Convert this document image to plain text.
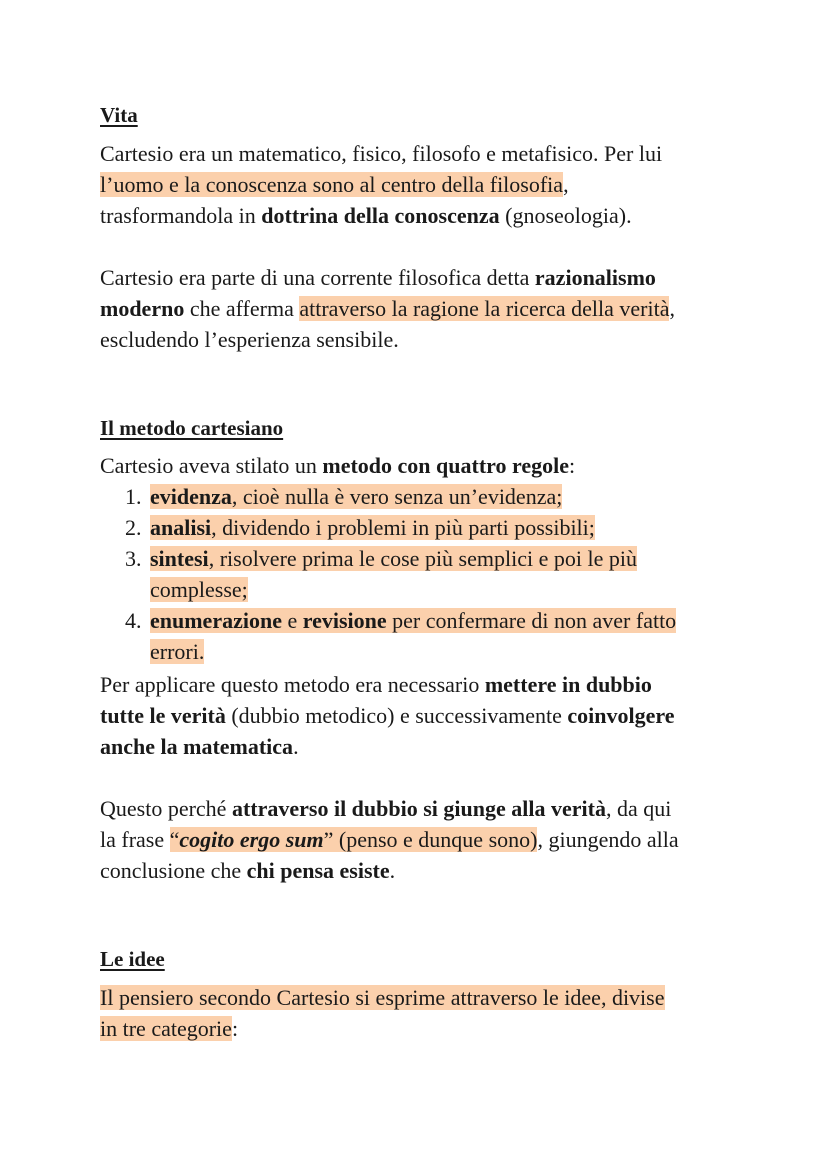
Vita
Cartesio era un matematico, fisico, filosofo e metafisico. Per lui
l’uomo e la conoscenza sono al centro della filosofia,
trasformandola in dottrina della conoscenza (gnoseologia).
Cartesio era parte di una corrente filosofica detta razionalismo
moderno che afferma attraverso la ragione la ricerca della verità,
escludendo l’esperienza sensibile.
Il metodo cartesiano
Cartesio aveva stilato un metodo con quattro regole:
1. evidenza, cioè nulla è vero senza un’evidenza;
2. analisi, dividendo i problemi in più parti possibili;
3. sintesi, risolvere prima le cose più semplici e poi le più
complesse;
4. enumerazione e revisione per confermare di non aver fatto
errori.
Per applicare questo metodo era necessario mettere in dubbio
tutte le verità (dubbio metodico) e successivamente coinvolgere
anche la matematica.
Questo perché attraverso il dubbio si giunge alla verità, da qui
la frase “cogito ergo sum” (penso e dunque sono), giungendo alla
conclusione che chi pensa esiste.
Le idee
Il pensiero secondo Cartesio si esprime attraverso le idee, divise
in tre categorie:
